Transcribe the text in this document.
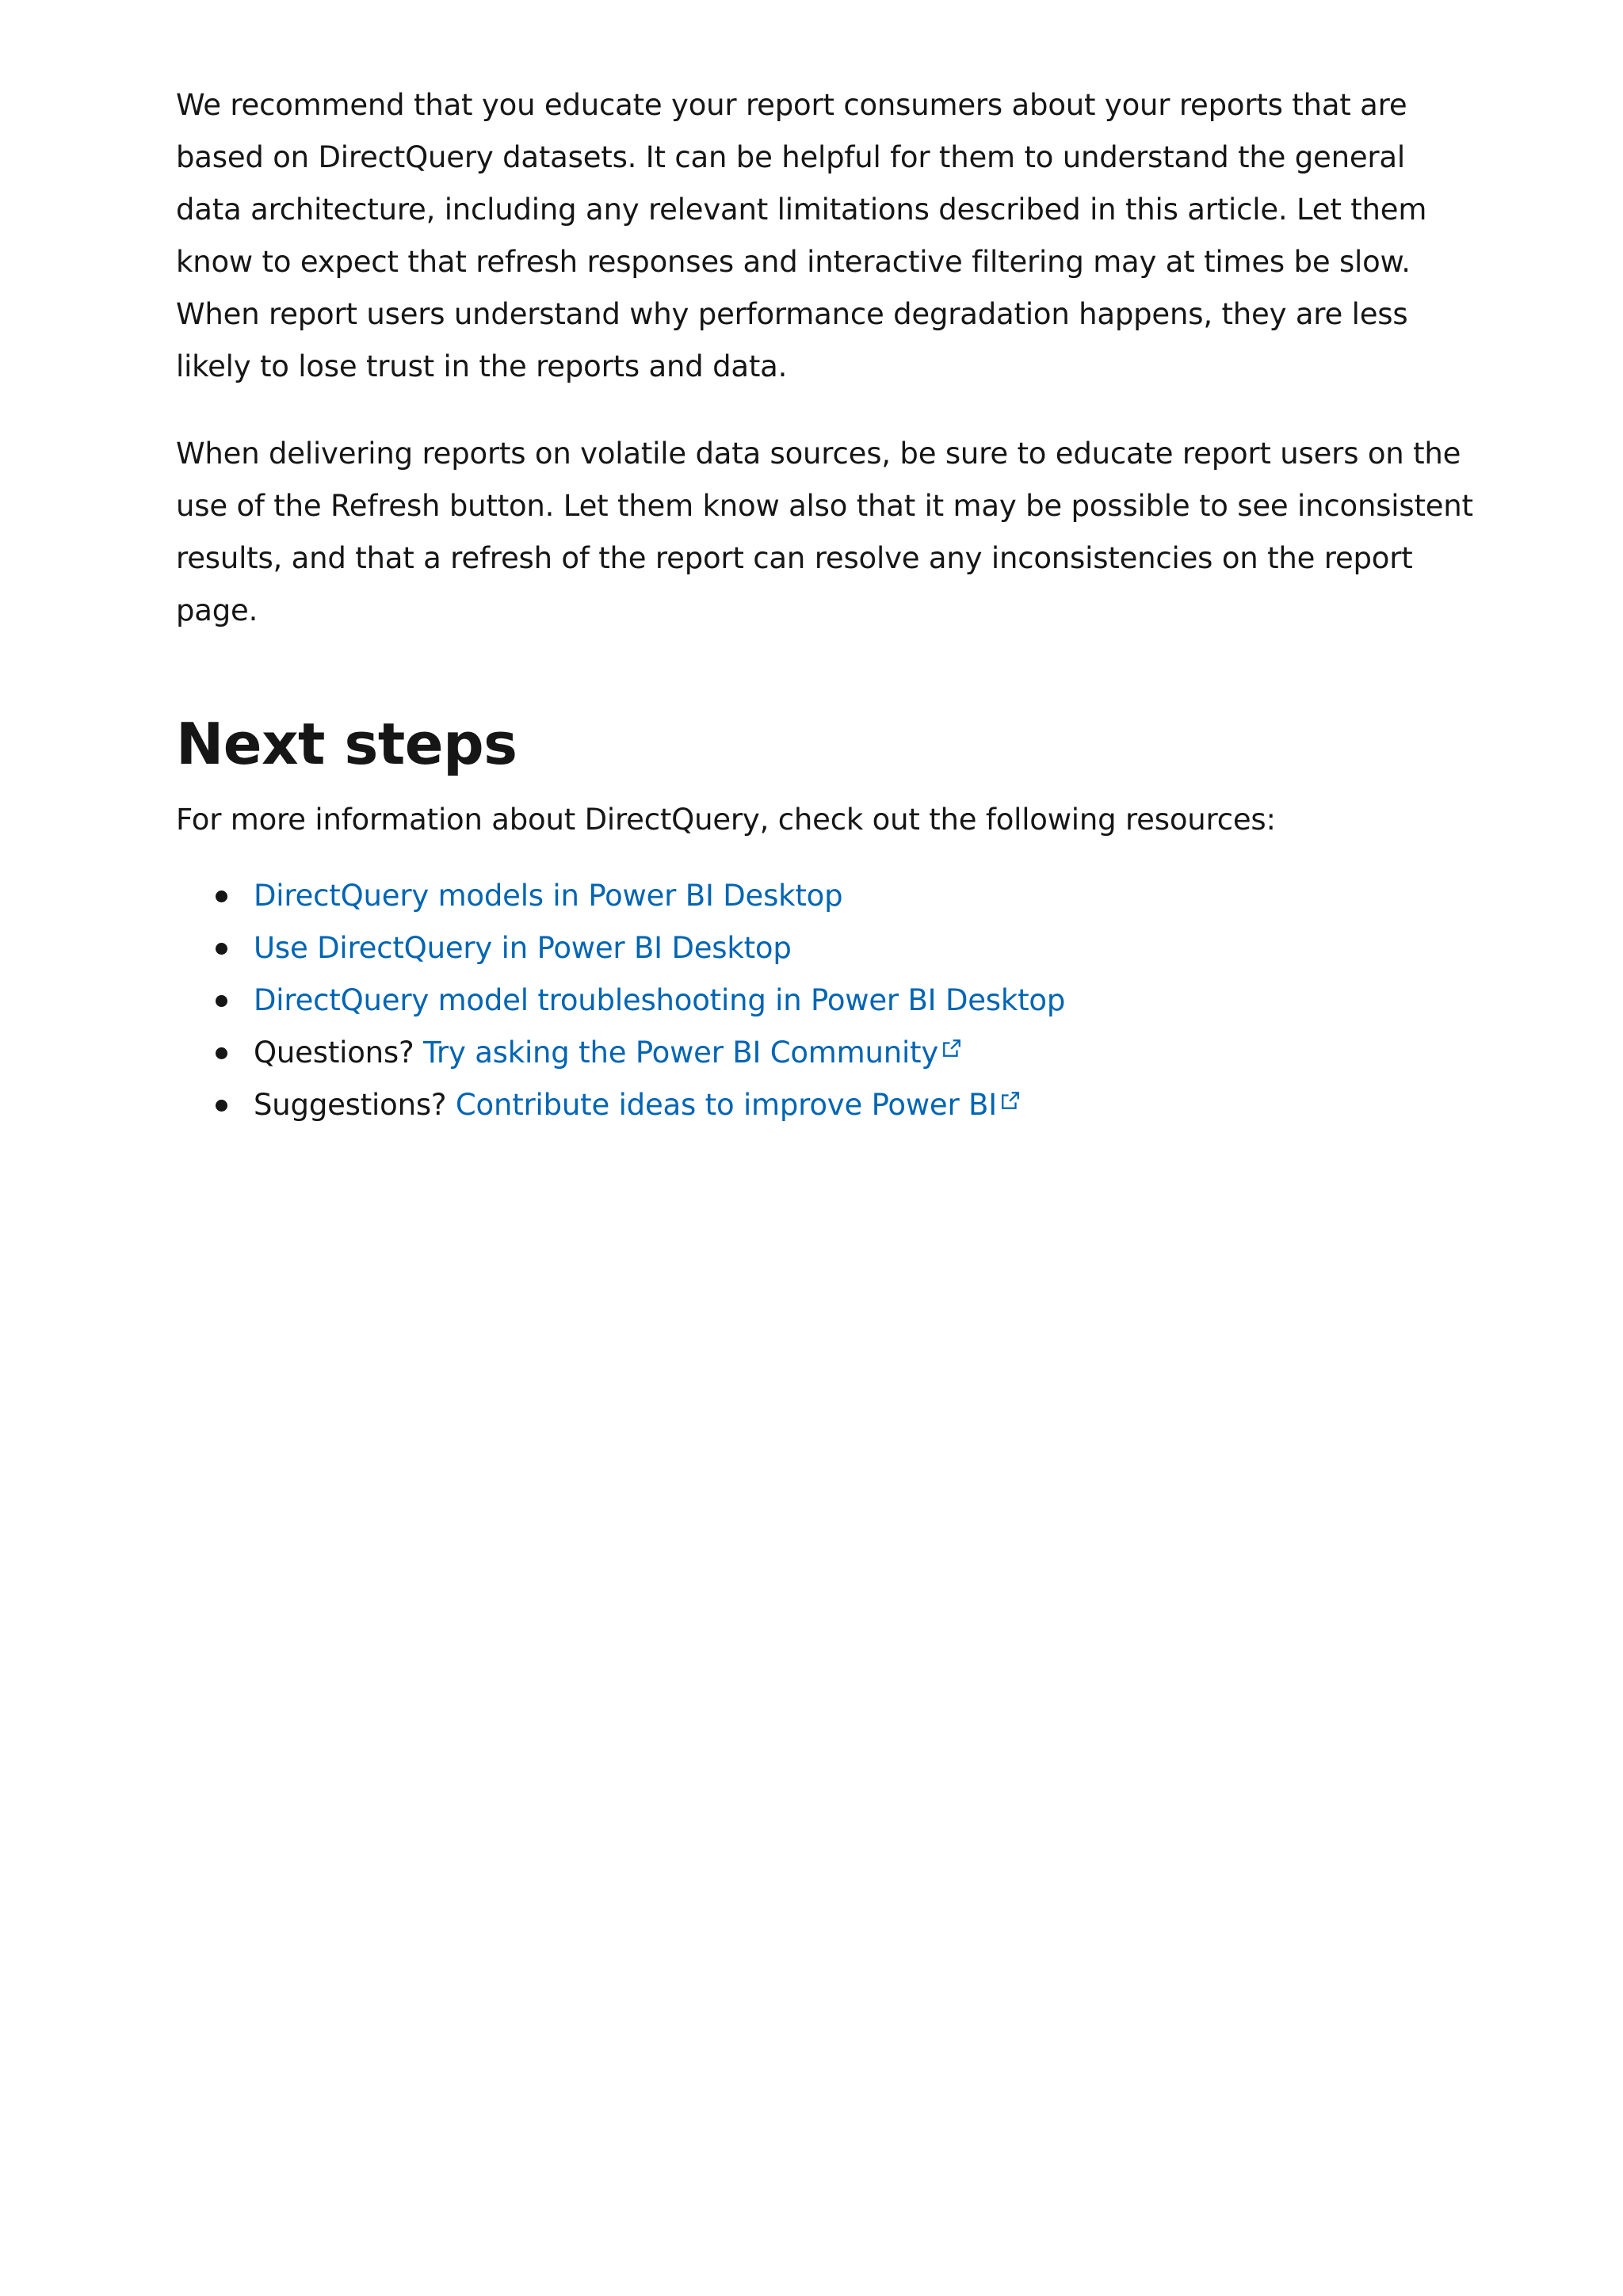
We recommend that you educate your report consumers about your reports that are based on DirectQuery datasets. It can be helpful for them to understand the general data architecture, including any relevant limitations described in this article. Let them know to expect that refresh responses and interactive filtering may at times be slow. When report users understand why performance degradation happens, they are less likely to lose trust in the reports and data.

When delivering reports on volatile data sources, be sure to educate report users on the use of the Refresh button. Let them know also that it may be possible to see inconsistent results, and that a refresh of the report can resolve any inconsistencies on the report page.

Next steps

For more information about DirectQuery, check out the following resources:

DirectQuery models in Power BI Desktop
Use DirectQuery in Power BI Desktop
DirectQuery model troubleshooting in Power BI Desktop
Questions? Try asking the Power BI Community
Suggestions? Contribute ideas to improve Power BI
